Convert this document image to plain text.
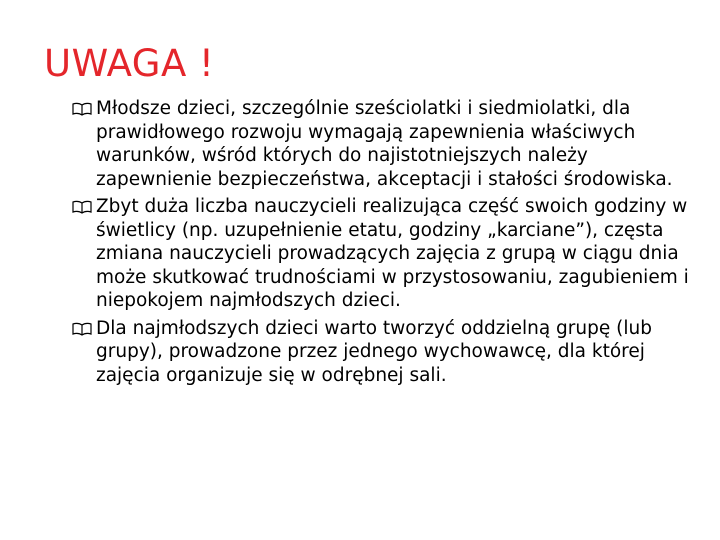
UWAGA !

Młodsze dzieci, szczególnie sześciolatki i siedmiolatki, dla prawidłowego rozwoju wymagają zapewnienia właściwych warunków, wśród których do najistotniejszych należy zapewnienie bezpieczeństwa, akceptacji i stałości środowiska.

Zbyt duża liczba nauczycieli realizująca część swoich godziny w świetlicy (np. uzupełnienie etatu, godziny „karciane”), częsta zmiana nauczycieli prowadzących zajęcia z grupą w ciągu dnia może skutkować trudnościami w przystosowaniu, zagubieniem i niepokojem najmłodszych dzieci.

Dla najmłodszych dzieci warto tworzyć oddzielną grupę (lub grupy), prowadzone przez jednego wychowawcę, dla której zajęcia organizuje się w odrębnej sali.
